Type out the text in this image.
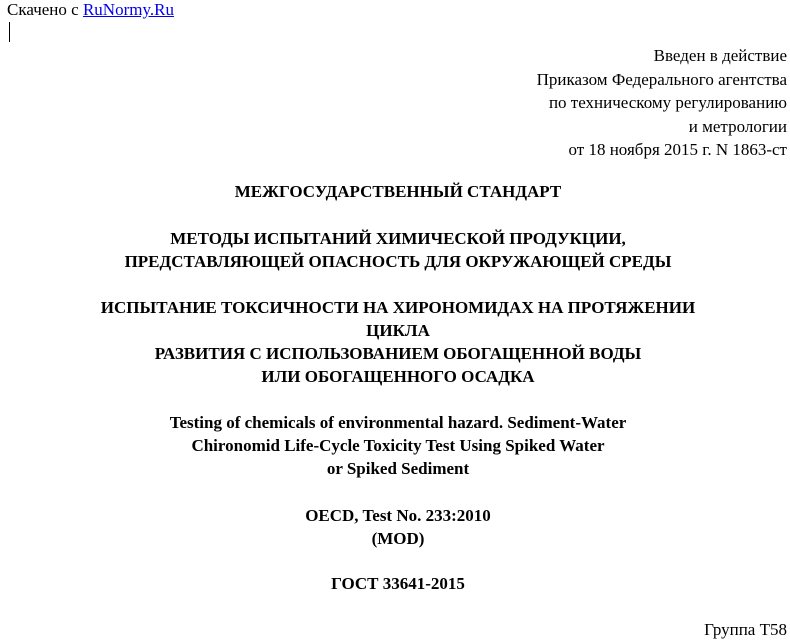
Скачено с RuNormy.Ru
Введен в действие
Приказом Федерального агентства
по техническому регулированию
и метрологии
от 18 ноября 2015 г. N 1863-ст
МЕЖГОСУДАРСТВЕННЫЙ СТАНДАРТ
МЕТОДЫ ИСПЫТАНИЙ ХИМИЧЕСКОЙ ПРОДУКЦИИ,
ПРЕДСТАВЛЯЮЩЕЙ ОПАСНОСТЬ ДЛЯ ОКРУЖАЮЩЕЙ СРЕДЫ
ИСПЫТАНИЕ ТОКСИЧНОСТИ НА ХИРОНОМИДАХ НА ПРОТЯЖЕНИИ
ЦИКЛА
РАЗВИТИЯ С ИСПОЛЬЗОВАНИЕМ ОБОГАЩЕННОЙ ВОДЫ
ИЛИ ОБОГАЩЕННОГО ОСАДКА
Testing of chemicals of environmental hazard. Sediment-Water
Chironomid Life-Cycle Toxicity Test Using Spiked Water
or Spiked Sediment
OECD, Test No. 233:2010
(MOD)
ГОСТ 33641-2015
Группа Т58
